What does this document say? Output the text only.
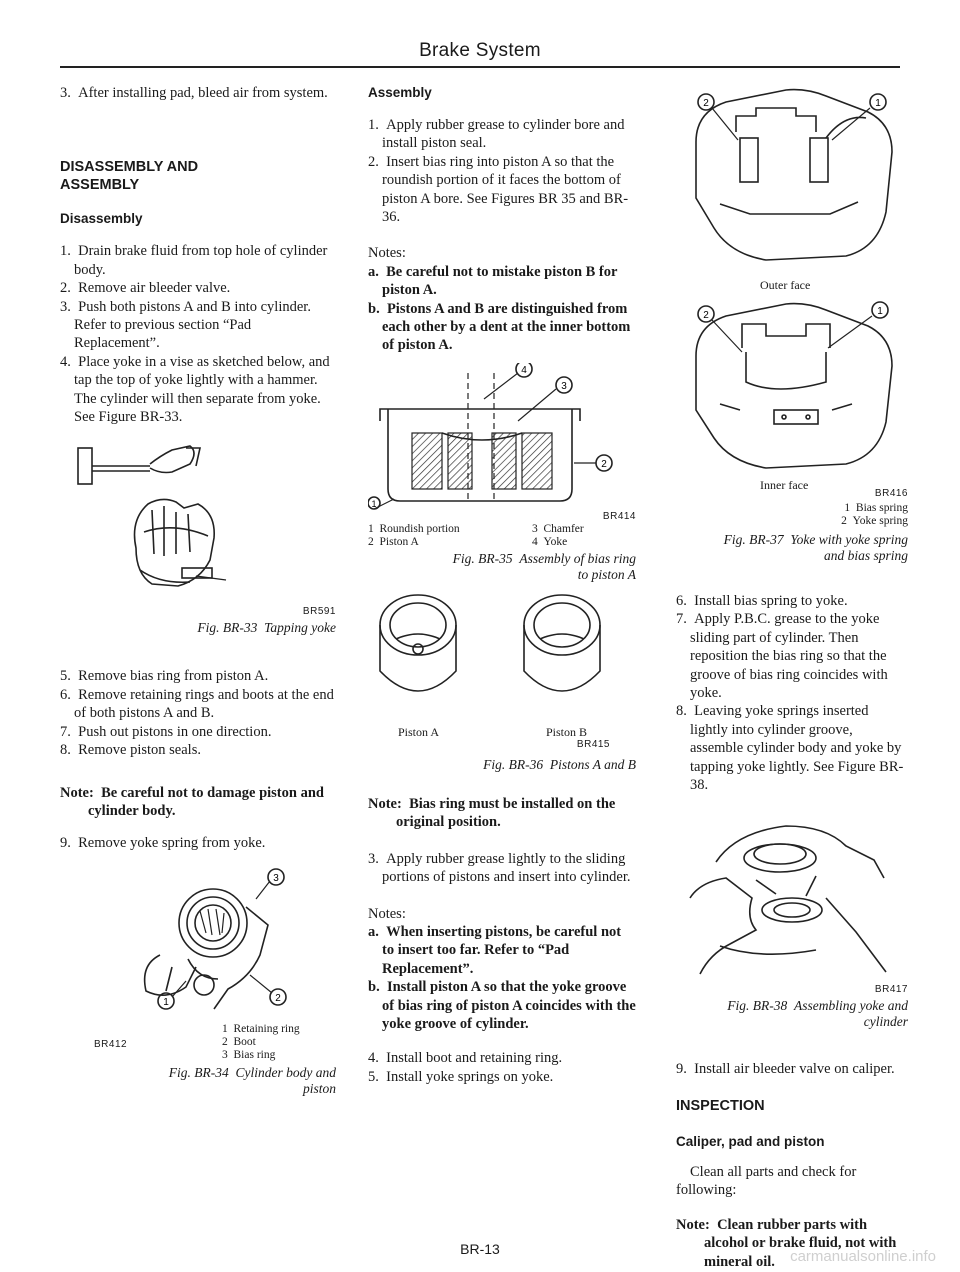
Brake System

3.  After installing pad, bleed air from system.

DISASSEMBLY AND ASSEMBLY
Disassembly

1.  Drain brake fluid from top hole of cylinder body.

2.  Remove air bleeder valve.

3.  Push both pistons A and B into cylinder. Refer to previous section “Pad Replacement”.

4.  Place yoke in a vise as sketched below, and tap the top of yoke lightly with a hammer. The cylinder will then separate from yoke. See Figure BR-33.

BR591
Fig. BR-33  Tapping yoke

5.  Remove bias ring from piston A.

6.  Remove retaining rings and boots at the end of both pistons A and B.

7.  Push out pistons in one direction.

8.  Remove piston seals.

Note:  Be careful not to damage piston and cylinder body.

9.  Remove yoke spring from yoke.

3
2
1
BR412
1  Retaining ring
2  Boot
3  Bias ring
Fig. BR-34  Cylinder body and
piston
Assembly

1.  Apply rubber grease to cylinder bore and install piston seal.

2.  Insert bias ring into piston A so that the roundish portion of it faces the bottom of piston A bore. See Figures BR 35 and BR-36.

Notes:

a.  Be careful not to mistake piston B for piston A.

b.  Pistons A and B are distinguished from each other by a dent at the inner bottom of piston A.

4
3
2
1
BR414
1  Roundish portion
2  Piston A
3  Chamfer
4  Yoke
Fig. BR-35  Assembly of bias ring
to piston A
Piston A	Piston B
BR415
Fig. BR-36  Pistons A and B

Note:  Bias ring must be installed on the original position.

3.  Apply rubber grease lightly to the sliding portions of pistons and insert into cylinder.

Notes:

a.  When inserting pistons, be careful not to insert too far. Refer to “Pad Replacement”.

b.  Install piston A so that the yoke groove of bias ring of piston A coincides with the yoke groove of cylinder.

4.  Install boot and retaining ring.

5.  Install yoke springs on yoke.

2	1
Outer face
2	1
Inner face
BR416
1  Bias spring
2  Yoke spring
Fig. BR-37  Yoke with yoke spring
and bias spring

6.  Install bias spring to yoke.

7.  Apply P.B.C. grease to the yoke sliding part of cylinder. Then reposition the bias ring so that the groove of bias ring coincides with yoke.

8.  Leaving yoke springs inserted lightly into cylinder groove, assemble cylinder body and yoke by tapping yoke lightly. See Figure BR-38.

BR417
Fig. BR-38  Assembling yoke and
cylinder

9.  Install air bleeder valve on caliper.

INSPECTION
Caliper, pad and piston

Clean all parts and check for following:

Note:  Clean rubber parts with alcohol or brake fluid, not with mineral oil.

BR-13	carmanualsonline.info
